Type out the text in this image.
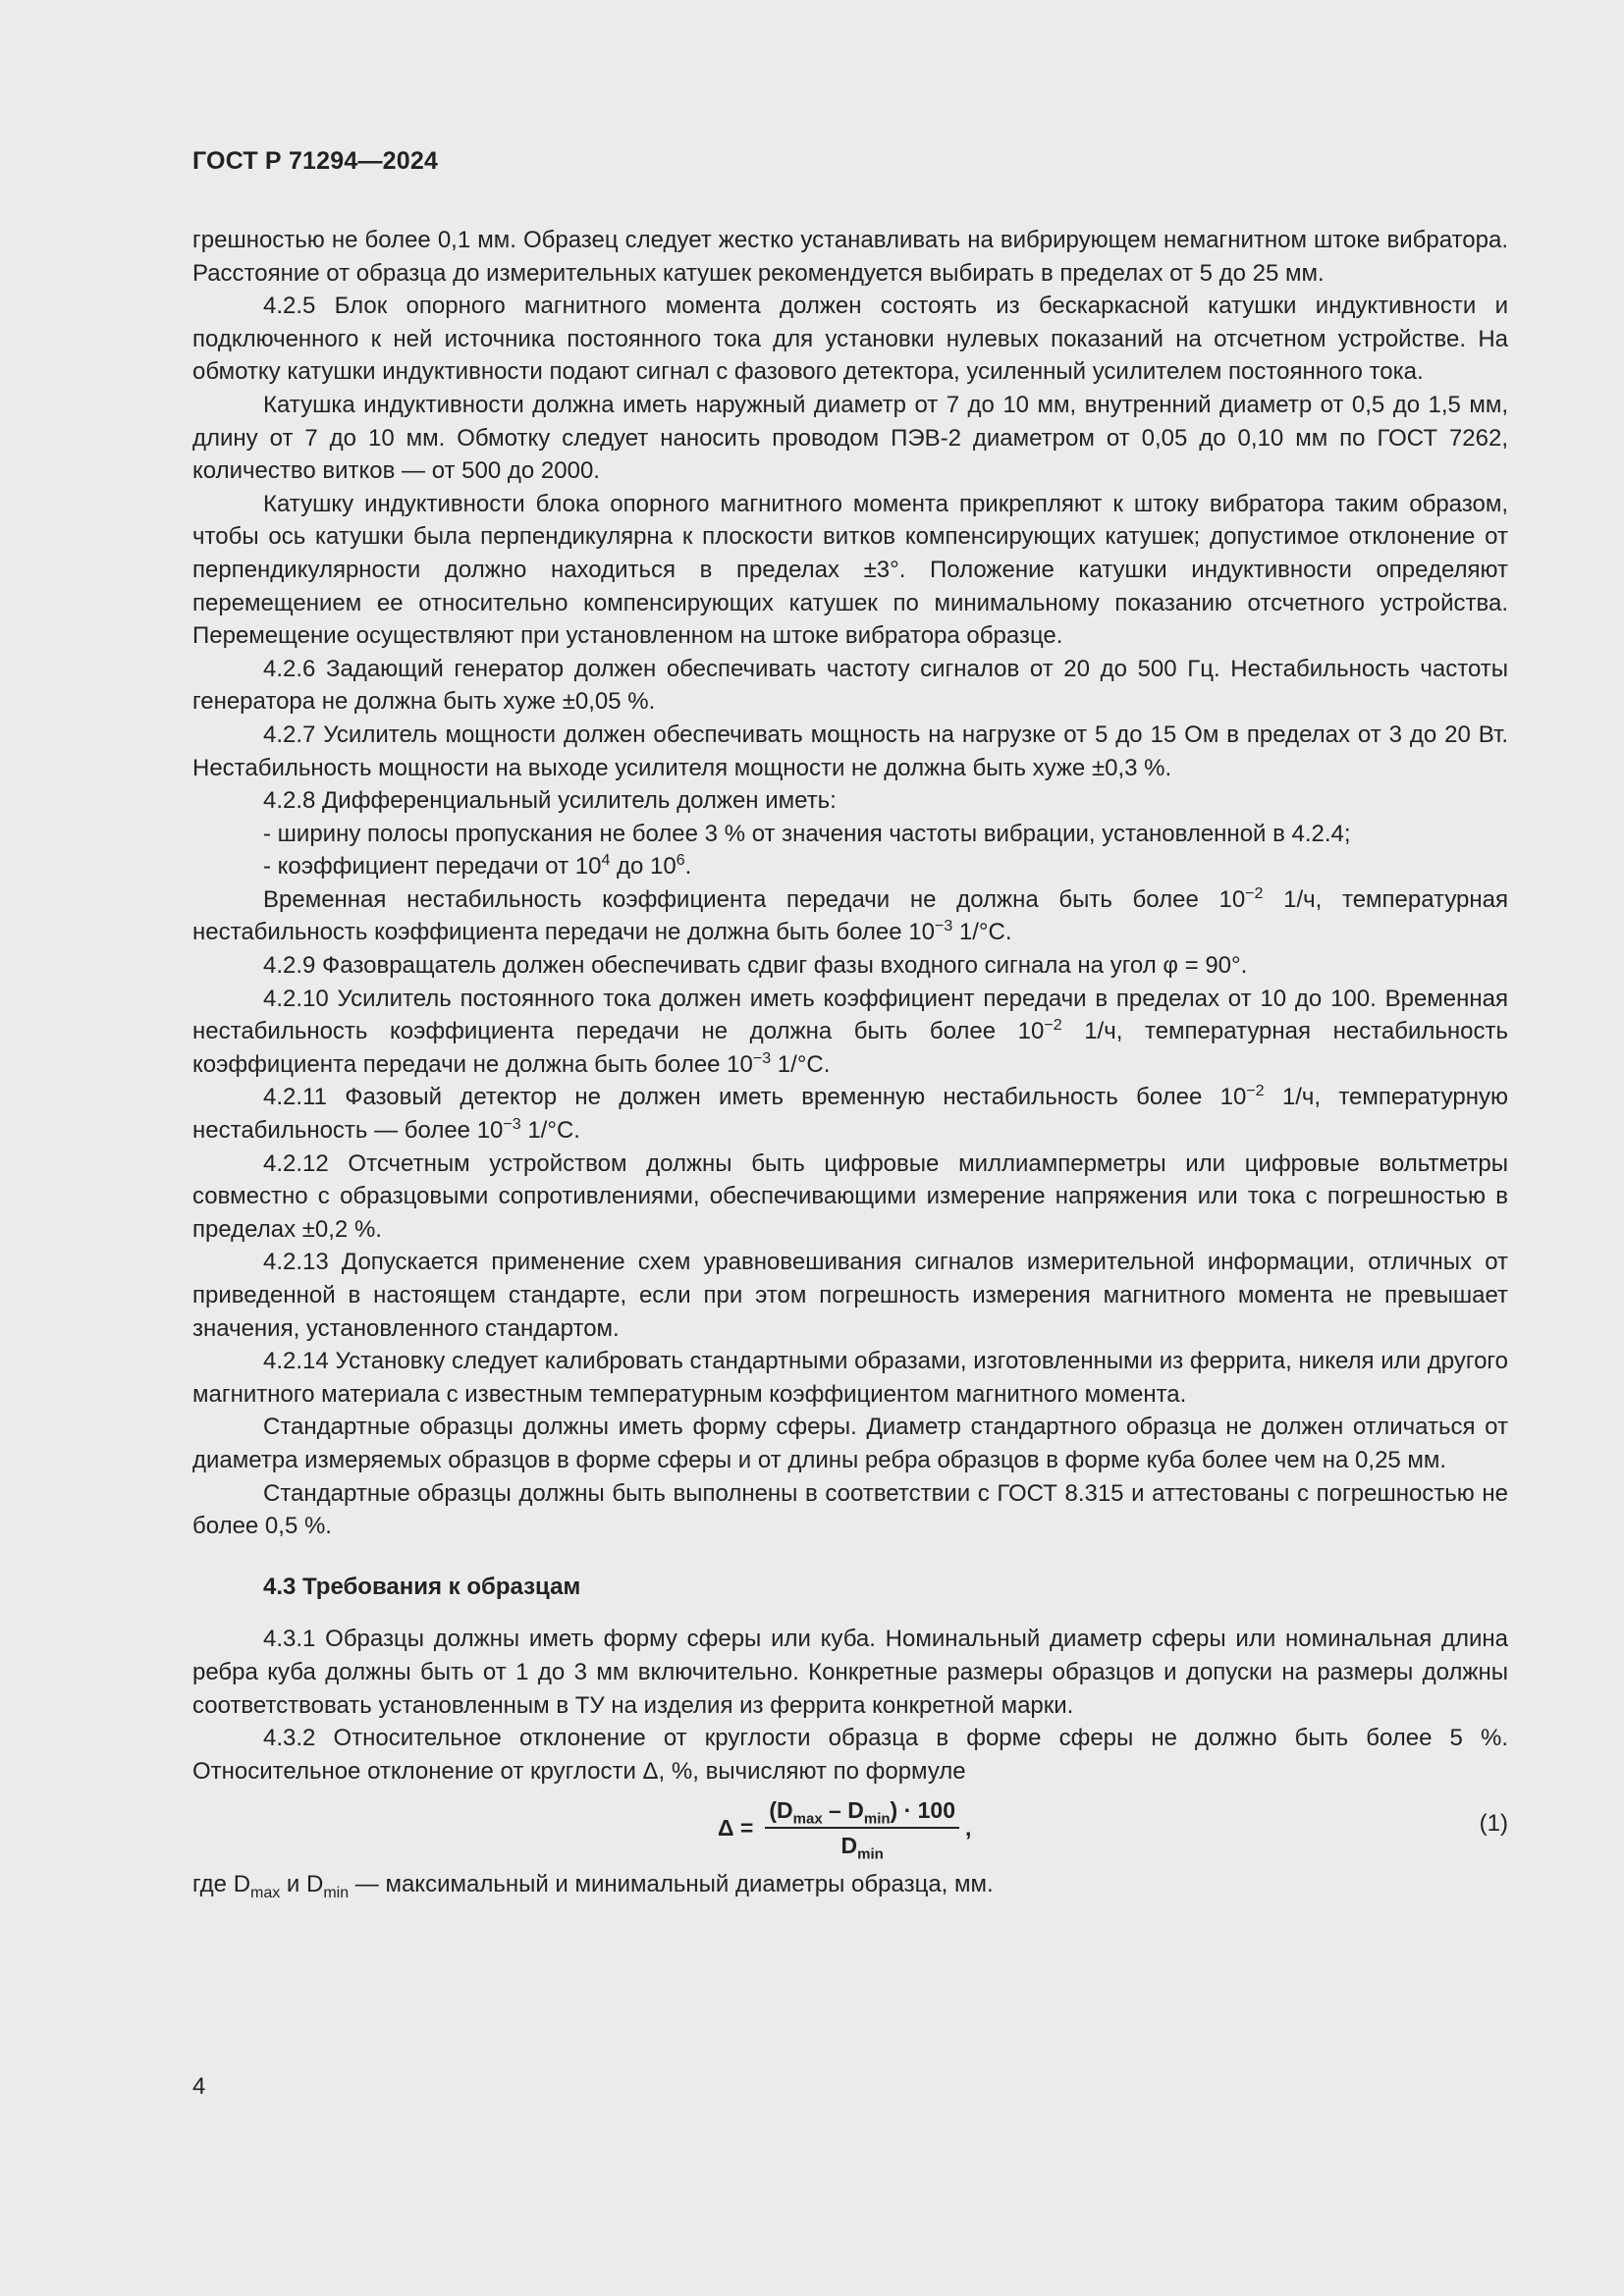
ГОСТ Р 71294—2024

грешностью не более 0,1 мм. Образец следует жестко устанавливать на вибрирующем немагнитном штоке вибратора. Расстояние от образца до измерительных катушек рекомендуется выбирать в пределах от 5 до 25 мм.

4.2.5 Блок опорного магнитного момента должен состоять из бескаркасной катушки индуктивности и подключенного к ней источника постоянного тока для установки нулевых показаний на отсчетном устройстве. На обмотку катушки индуктивности подают сигнал с фазового детектора, усиленный усилителем постоянного тока.

Катушка индуктивности должна иметь наружный диаметр от 7 до 10 мм, внутренний диаметр от 0,5 до 1,5 мм, длину от 7 до 10 мм. Обмотку следует наносить проводом ПЭВ-2 диаметром от 0,05 до 0,10 мм по ГОСТ 7262, количество витков — от 500 до 2000.

Катушку индуктивности блока опорного магнитного момента прикрепляют к штоку вибратора таким образом, чтобы ось катушки была перпендикулярна к плоскости витков компенсирующих катушек; допустимое отклонение от перпендикулярности должно находиться в пределах ±3°. Положение катушки индуктивности определяют перемещением ее относительно компенсирующих катушек по минимальному показанию отсчетного устройства. Перемещение осуществляют при установленном на штоке вибратора образце.

4.2.6 Задающий генератор должен обеспечивать частоту сигналов от 20 до 500 Гц. Нестабильность частоты генератора не должна быть хуже ±0,05 %.

4.2.7 Усилитель мощности должен обеспечивать мощность на нагрузке от 5 до 15 Ом в пределах от 3 до 20 Вт. Нестабильность мощности на выходе усилителя мощности не должна быть хуже ±0,3 %.

4.2.8 Дифференциальный усилитель должен иметь:

- ширину полосы пропускания не более 3 % от значения частоты вибрации, установленной в 4.2.4;

- коэффициент передачи от $10^4$ до $10^6$.

Временная нестабильность коэффициента передачи не должна быть более $10^{-2}$ 1/ч, температурная нестабильность коэффициента передачи не должна быть более $10^{-3}$ 1/°С.

4.2.9 Фазовращатель должен обеспечивать сдвиг фазы входного сигнала на угол φ = 90°.

4.2.10 Усилитель постоянного тока должен иметь коэффициент передачи в пределах от 10 до 100. Временная нестабильность коэффициента передачи не должна быть более $10^{-2}$ 1/ч, температурная нестабильность коэффициента передачи не должна быть более $10^{-3}$ 1/°С.

4.2.11 Фазовый детектор не должен иметь временную нестабильность более $10^{-2}$ 1/ч, температурную нестабильность — более $10^{-3}$ 1/°С.

4.2.12 Отсчетным устройством должны быть цифровые миллиамперметры или цифровые вольтметры совместно с образцовыми сопротивлениями, обеспечивающими измерение напряжения или тока с погрешностью в пределах ±0,2 %.

4.2.13 Допускается применение схем уравновешивания сигналов измерительной информации, отличных от приведенной в настоящем стандарте, если при этом погрешность измерения магнитного момента не превышает значения, установленного стандартом.

4.2.14 Установку следует калибровать стандартными образами, изготовленными из феррита, никеля или другого магнитного материала с известным температурным коэффициентом магнитного момента.

Стандартные образцы должны иметь форму сферы. Диаметр стандартного образца не должен отличаться от диаметра измеряемых образцов в форме сферы и от длины ребра образцов в форме куба более чем на 0,25 мм.

Стандартные образцы должны быть выполнены в соответствии с ГОСТ 8.315 и аттестованы с погрешностью не более 0,5 %.

4.3 Требования к образцам

4.3.1 Образцы должны иметь форму сферы или куба. Номинальный диаметр сферы или номинальная длина ребра куба должны быть от 1 до 3 мм включительно. Конкретные размеры образцов и допуски на размеры должны соответствовать установленным в ТУ на изделия из феррита конкретной марки.

4.3.2 Относительное отклонение от круглости образца в форме сферы не должно быть более 5 %. Относительное отклонение от круглости Δ, %, вычисляют по формуле

$\Delta = \frac{(D_{max} - D_{min}) \cdot 100}{D_{min}}$ ,	(1)

где $D_{max}$ и $D_{min}$ — максимальный и минимальный диаметры образца, мм.

4
